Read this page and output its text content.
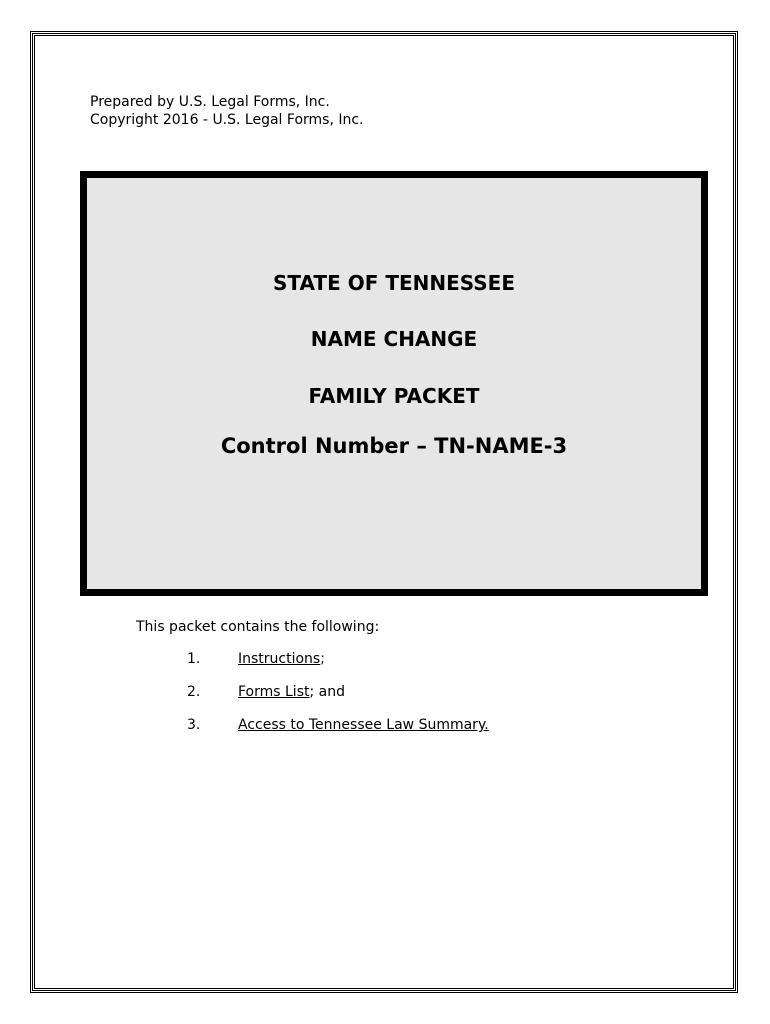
Prepared by U.S. Legal Forms, Inc.
Copyright 2016 - U.S. Legal Forms, Inc.
STATE OF TENNESSEE
NAME CHANGE
FAMILY PACKET
Control Number – TN-NAME-3
This packet contains the following:
1.	Instructions;
2.	Forms List; and
3.	Access to Tennessee Law Summary.
